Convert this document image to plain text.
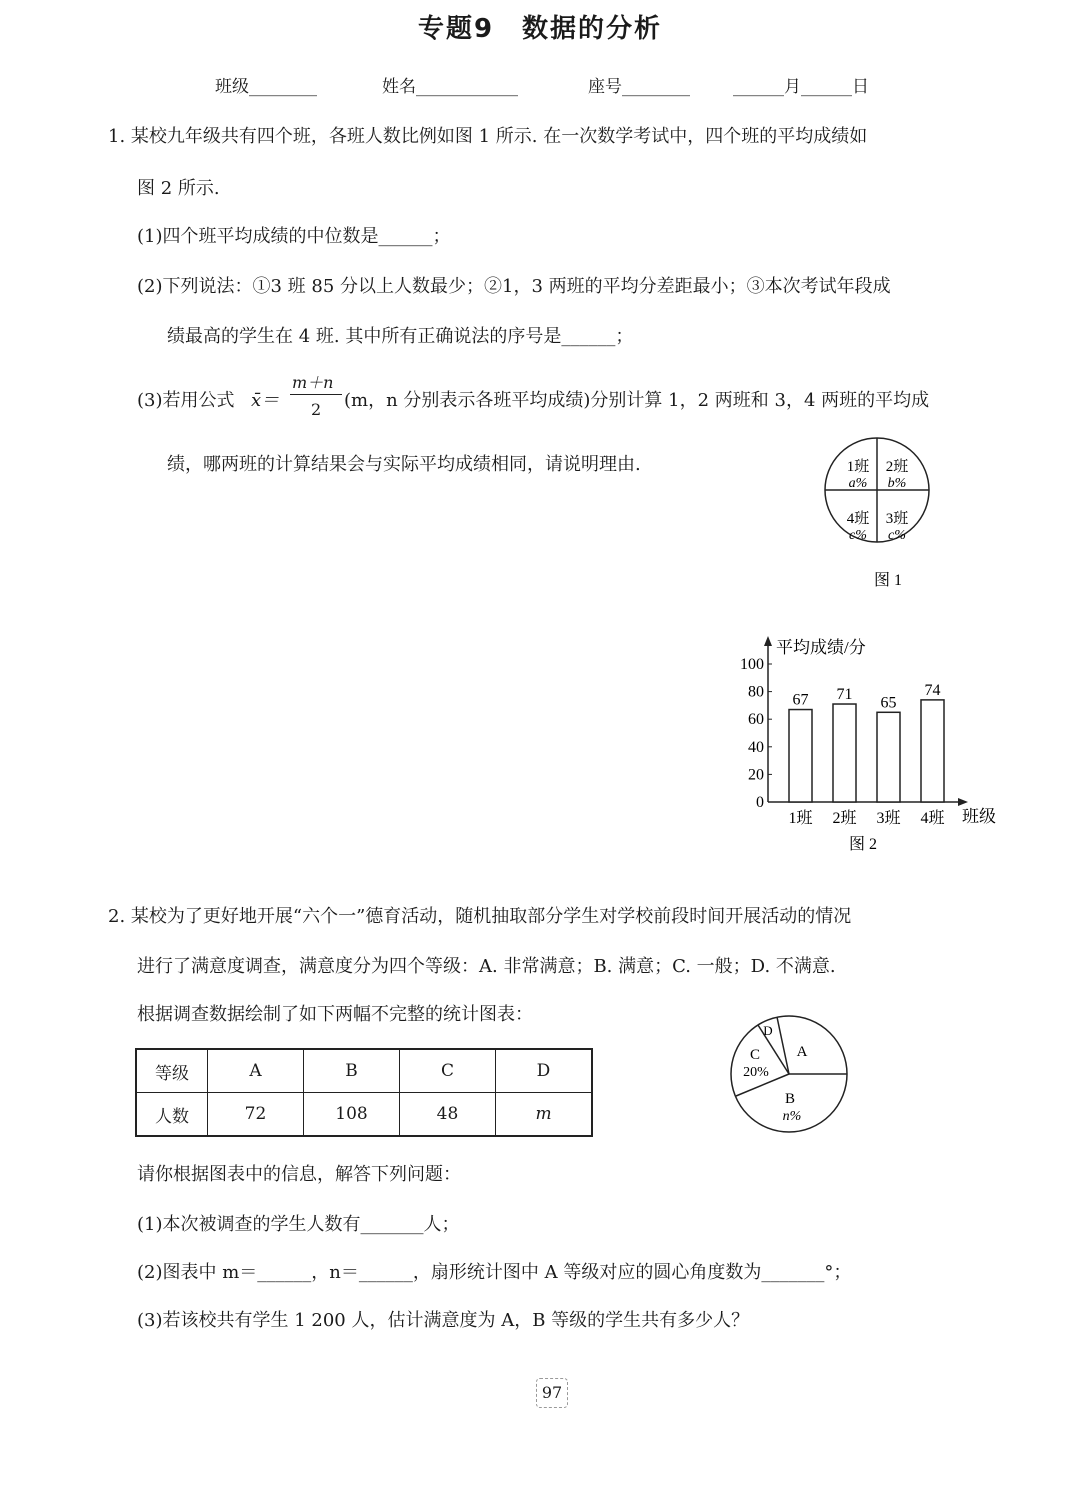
专题9　数据的分析
班级________	姓名____________	座号________	______月______日
1. 某校九年级共有四个班，各班人数比例如图 1 所示. 在一次数学考试中，四个班的平均成绩如
图 2 所示.
(1)四个班平均成绩的中位数是______；
(2)下列说法：①3 班 85 分以上人数最少；②1，3 两班的平均分差距最小；③本次考试年段成
绩最高的学生在 4 班. 其中所有正确说法的序号是______；
(3)若用公式 x̄＝
m＋n
2 (m，n 分别表示各班平均成绩)分别计算 1，2 两班和 3，4 两班的平均成
绩，哪两班的计算结果会与实际平均成绩相同，请说明理由.	1班
a%
2班
b%
4班
c%
3班
c%
图 1
平均成绩/分
班级
0
20
40
60
80
100
67
1班
71
2班
65
3班
74
4班
图 2
2. 某校为了更好地开展“六个一”德育活动，随机抽取部分学生对学校前段时间开展活动的情况
进行了满意度调查，满意度分为四个等级：A. 非常满意；B. 满意；C. 一般；D. 不满意.
根据调查数据绘制了如下两幅不完整的统计图表：
等级	A	B	C	D
人数	72	108	48	m
A
B
n%
C
20%
D
请你根据图表中的信息，解答下列问题：
(1)本次被调查的学生人数有_______人；
(2)图表中 m＝______，n＝______，扇形统计图中 A 等级对应的圆心角度数为_______°；
(3)若该校共有学生 1 200 人，估计满意度为 A，B 等级的学生共有多少人？
97
